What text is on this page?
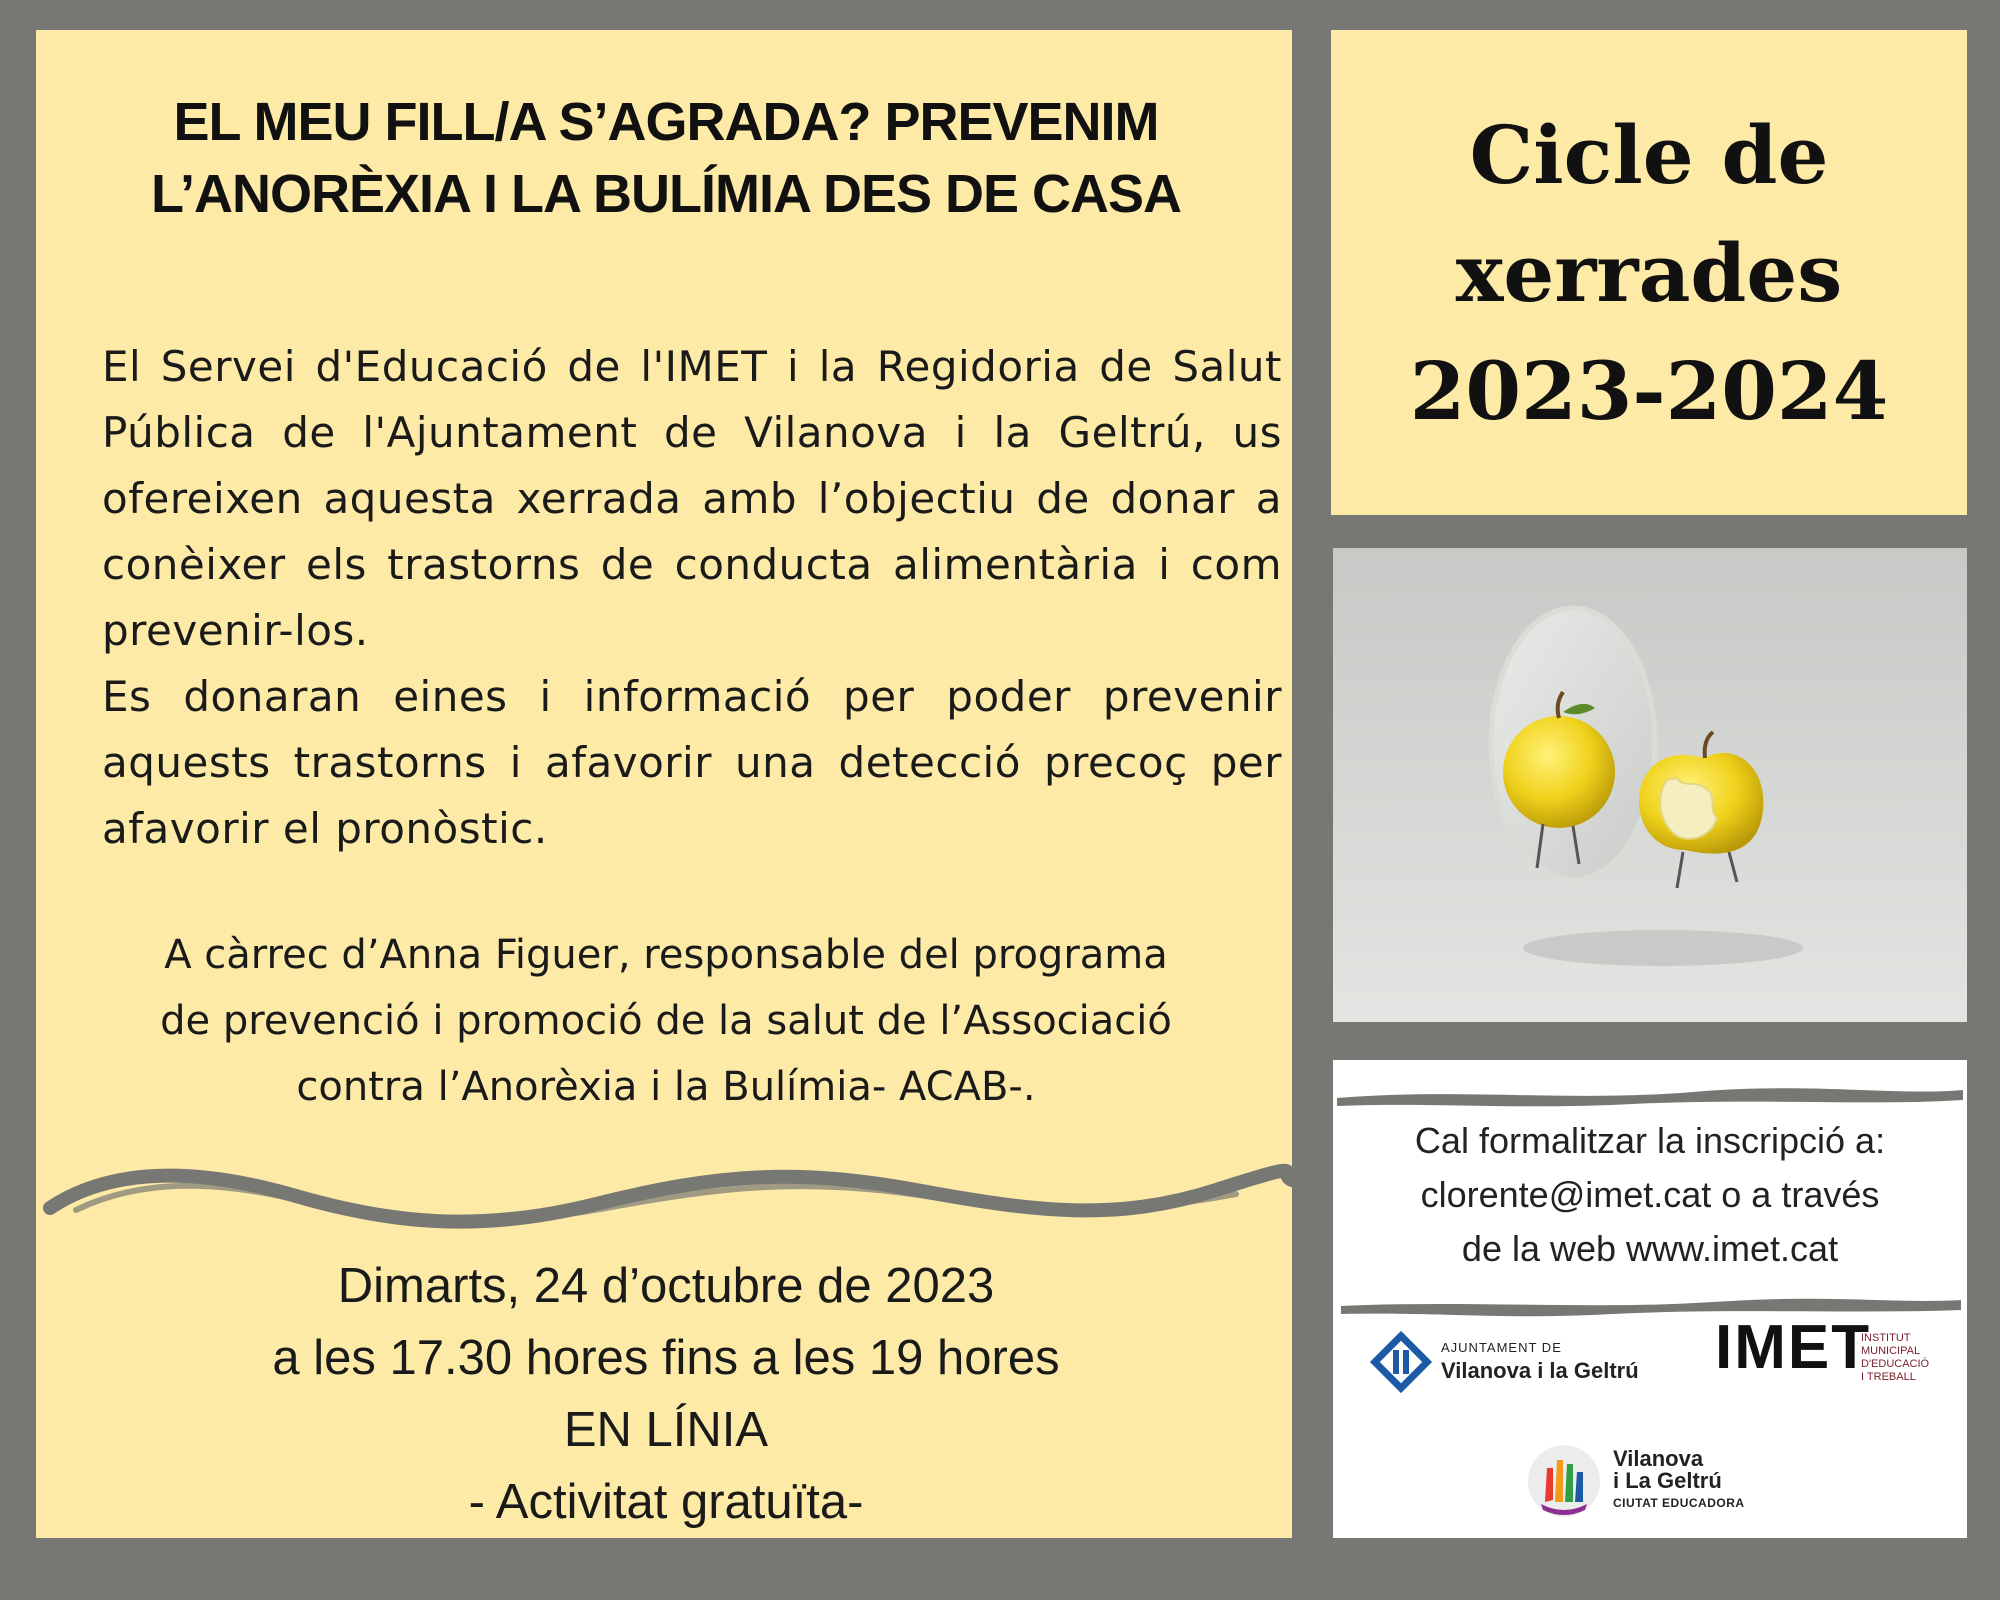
EL MEU FILL/A S’AGRADA? PREVENIM
L’ANORÈXIA I LA BULÍMIA DES DE CASA

El Servei d'Educació de l'IMET i la Regidoria de Salut Pública de l'Ajuntament de Vilanova i la Geltrú, us ofereixen aquesta xerrada amb l’objectiu de donar a conèixer els trastorns de conducta alimentària i com prevenir-los.

Es donaran eines i informació per poder prevenir aquests trastorns i afavorir una detecció precoç per afavorir el pronòstic.

A càrrec d’Anna Figuer, responsable del programa
de prevenció i promoció de la salut de l’Associació
contra l’Anorèxia i la Bulímia- ACAB-.
Dimarts, 24 d’octubre de 2023
a les 17.30 hores fins a les 19 hores
EN LÍNIA
- Activitat gratuïta-
Cicle de
xerrades
2023-2024
Cal formalitzar la inscripció a:
clorente@imet.cat o a través
de la web www.imet.cat
AJUNTAMENT DE
Vilanova i la Geltrú IMET
INSTITUT
MUNICIPAL
D'EDUCACIÓ
I TREBALL
Vilanova
i La Geltrú
CIUTAT EDUCADORA
